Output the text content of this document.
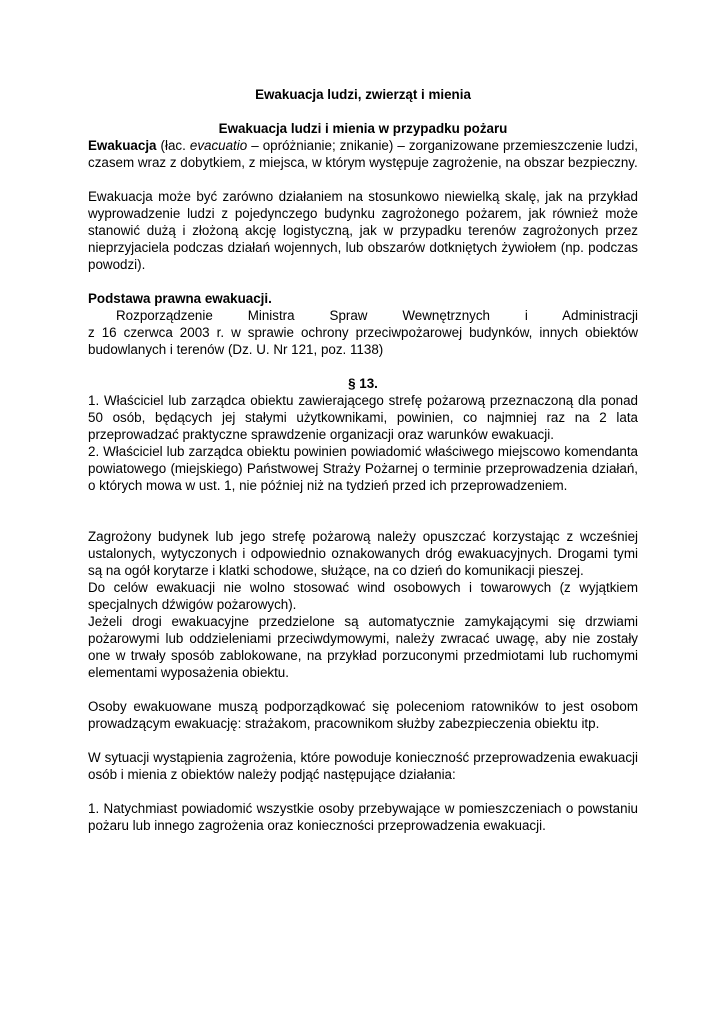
Ewakuacja ludzi, zwierząt i mienia

Ewakuacja ludzi i mienia w przypadku pożaru

Ewakuacja (łac. evacuatio – opróżnianie; znikanie) – zorganizowane przemieszczenie ludzi, czasem wraz z dobytkiem, z miejsca, w którym występuje zagrożenie, na obszar bezpieczny.

Ewakuacja może być zarówno działaniem na stosunkowo niewielką skalę, jak na przykład wyprowadzenie ludzi z pojedynczego budynku zagrożonego pożarem, jak również może stanowić dużą i złożoną akcję logistyczną, jak w przypadku terenów zagrożonych przez nieprzyjaciela podczas działań wojennych, lub obszarów dotkniętych żywiołem (np. podczas powodzi).

Podstawa prawna ewakuacji.

Rozporządzenie Ministra Spraw Wewnętrznych i Administracji

z 16 czerwca 2003 r. w sprawie ochrony przeciwpożarowej budynków, innych obiektów budowlanych i terenów (Dz. U. Nr 121, poz. 1138)

§ 13.

1. Właściciel lub zarządca obiektu zawierającego strefę pożarową przeznaczoną dla ponad 50 osób, będących jej stałymi użytkownikami, powinien, co najmniej raz na 2 lata przeprowadzać praktyczne sprawdzenie organizacji oraz warunków ewakuacji.

2. Właściciel lub zarządca obiektu powinien powiadomić właściwego miejscowo komendanta powiatowego (miejskiego) Państwowej Straży Pożarnej o terminie przeprowadzenia działań, o których mowa w ust. 1, nie później niż na tydzień przed ich przeprowadzeniem.

Zagrożony budynek lub jego strefę pożarową należy opuszczać korzystając z wcześniej ustalonych, wytyczonych i odpowiednio oznakowanych dróg ewakuacyjnych. Drogami tymi są na ogół korytarze i klatki schodowe, służące, na co dzień do komunikacji pieszej.

Do celów ewakuacji nie wolno stosować wind osobowych i towarowych (z wyjątkiem specjalnych dźwigów pożarowych).

Jeżeli drogi ewakuacyjne przedzielone są automatycznie zamykającymi się drzwiami pożarowymi lub oddzieleniami przeciwdymowymi, należy zwracać uwagę, aby nie zostały one w trwały sposób zablokowane, na przykład porzuconymi przedmiotami lub ruchomymi elementami wyposażenia obiektu.

Osoby ewakuowane muszą podporządkować się poleceniom ratowników to jest osobom prowadzącym ewakuację: strażakom, pracownikom służby zabezpieczenia obiektu itp.

W sytuacji wystąpienia zagrożenia, które powoduje konieczność przeprowadzenia ewakuacji osób i mienia z obiektów należy podjąć następujące działania:

1. Natychmiast powiadomić wszystkie osoby przebywające w pomieszczeniach o powstaniu pożaru lub innego zagrożenia oraz konieczności przeprowadzenia ewakuacji.
